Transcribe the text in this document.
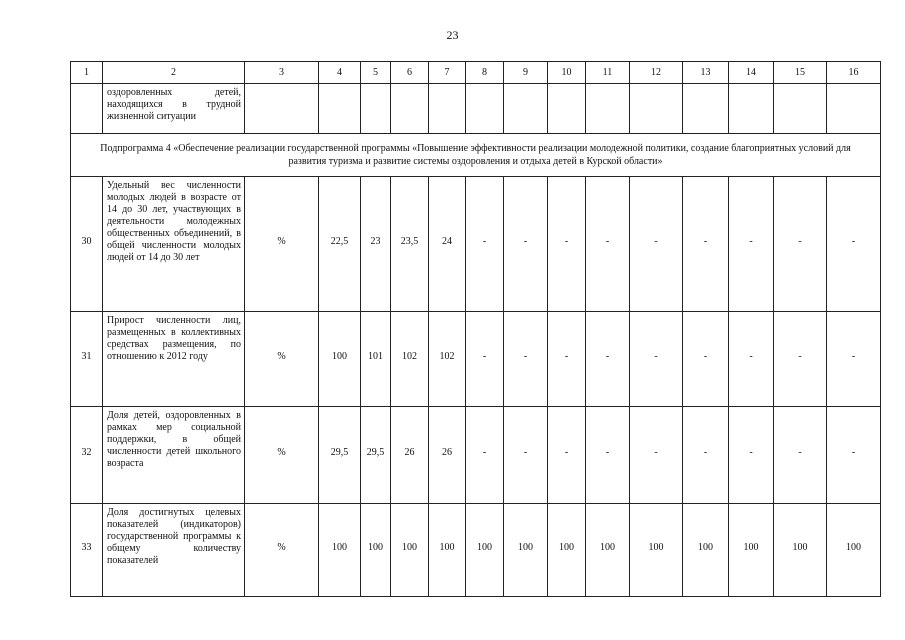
23
1	2	3	4	5	6	7	8	9	10	11	12	13	14	15	16
	оздоровленных детей, находящихся в трудной жизненной ситуации														
Подпрограмма 4 «Обеспечение реализации государственной программы «Повышение эффективности реализации молодежной политики, создание благоприятных условий для развития туризма и развитие системы оздоровления и отдыха детей в Курской области»															
30	Удельный вес численности молодых людей в возрасте от 14 до 30 лет, участвующих в деятельности молодежных общественных объединений, в общей численности молодых людей от 14 до 30 лет	%	22,5	23	23,5	24	-	-	-	-	-	-	-	-	-
31	Прирост численности лиц, размещенных в коллективных средствах размещения, по отношению к 2012 году	%	100	101	102	102	-	-	-	-	-	-	-	-	-
32	Доля детей, оздоровленных в рамках мер социальной поддержки, в общей численности детей школьного возраста	%	29,5	29,5	26	26	-	-	-	-	-	-	-	-	-
33	Доля достигнутых целевых показателей (индикаторов) государственной программы к общему количеству показателей	%	100	100	100	100	100	100	100	100	100	100	100	100	100
